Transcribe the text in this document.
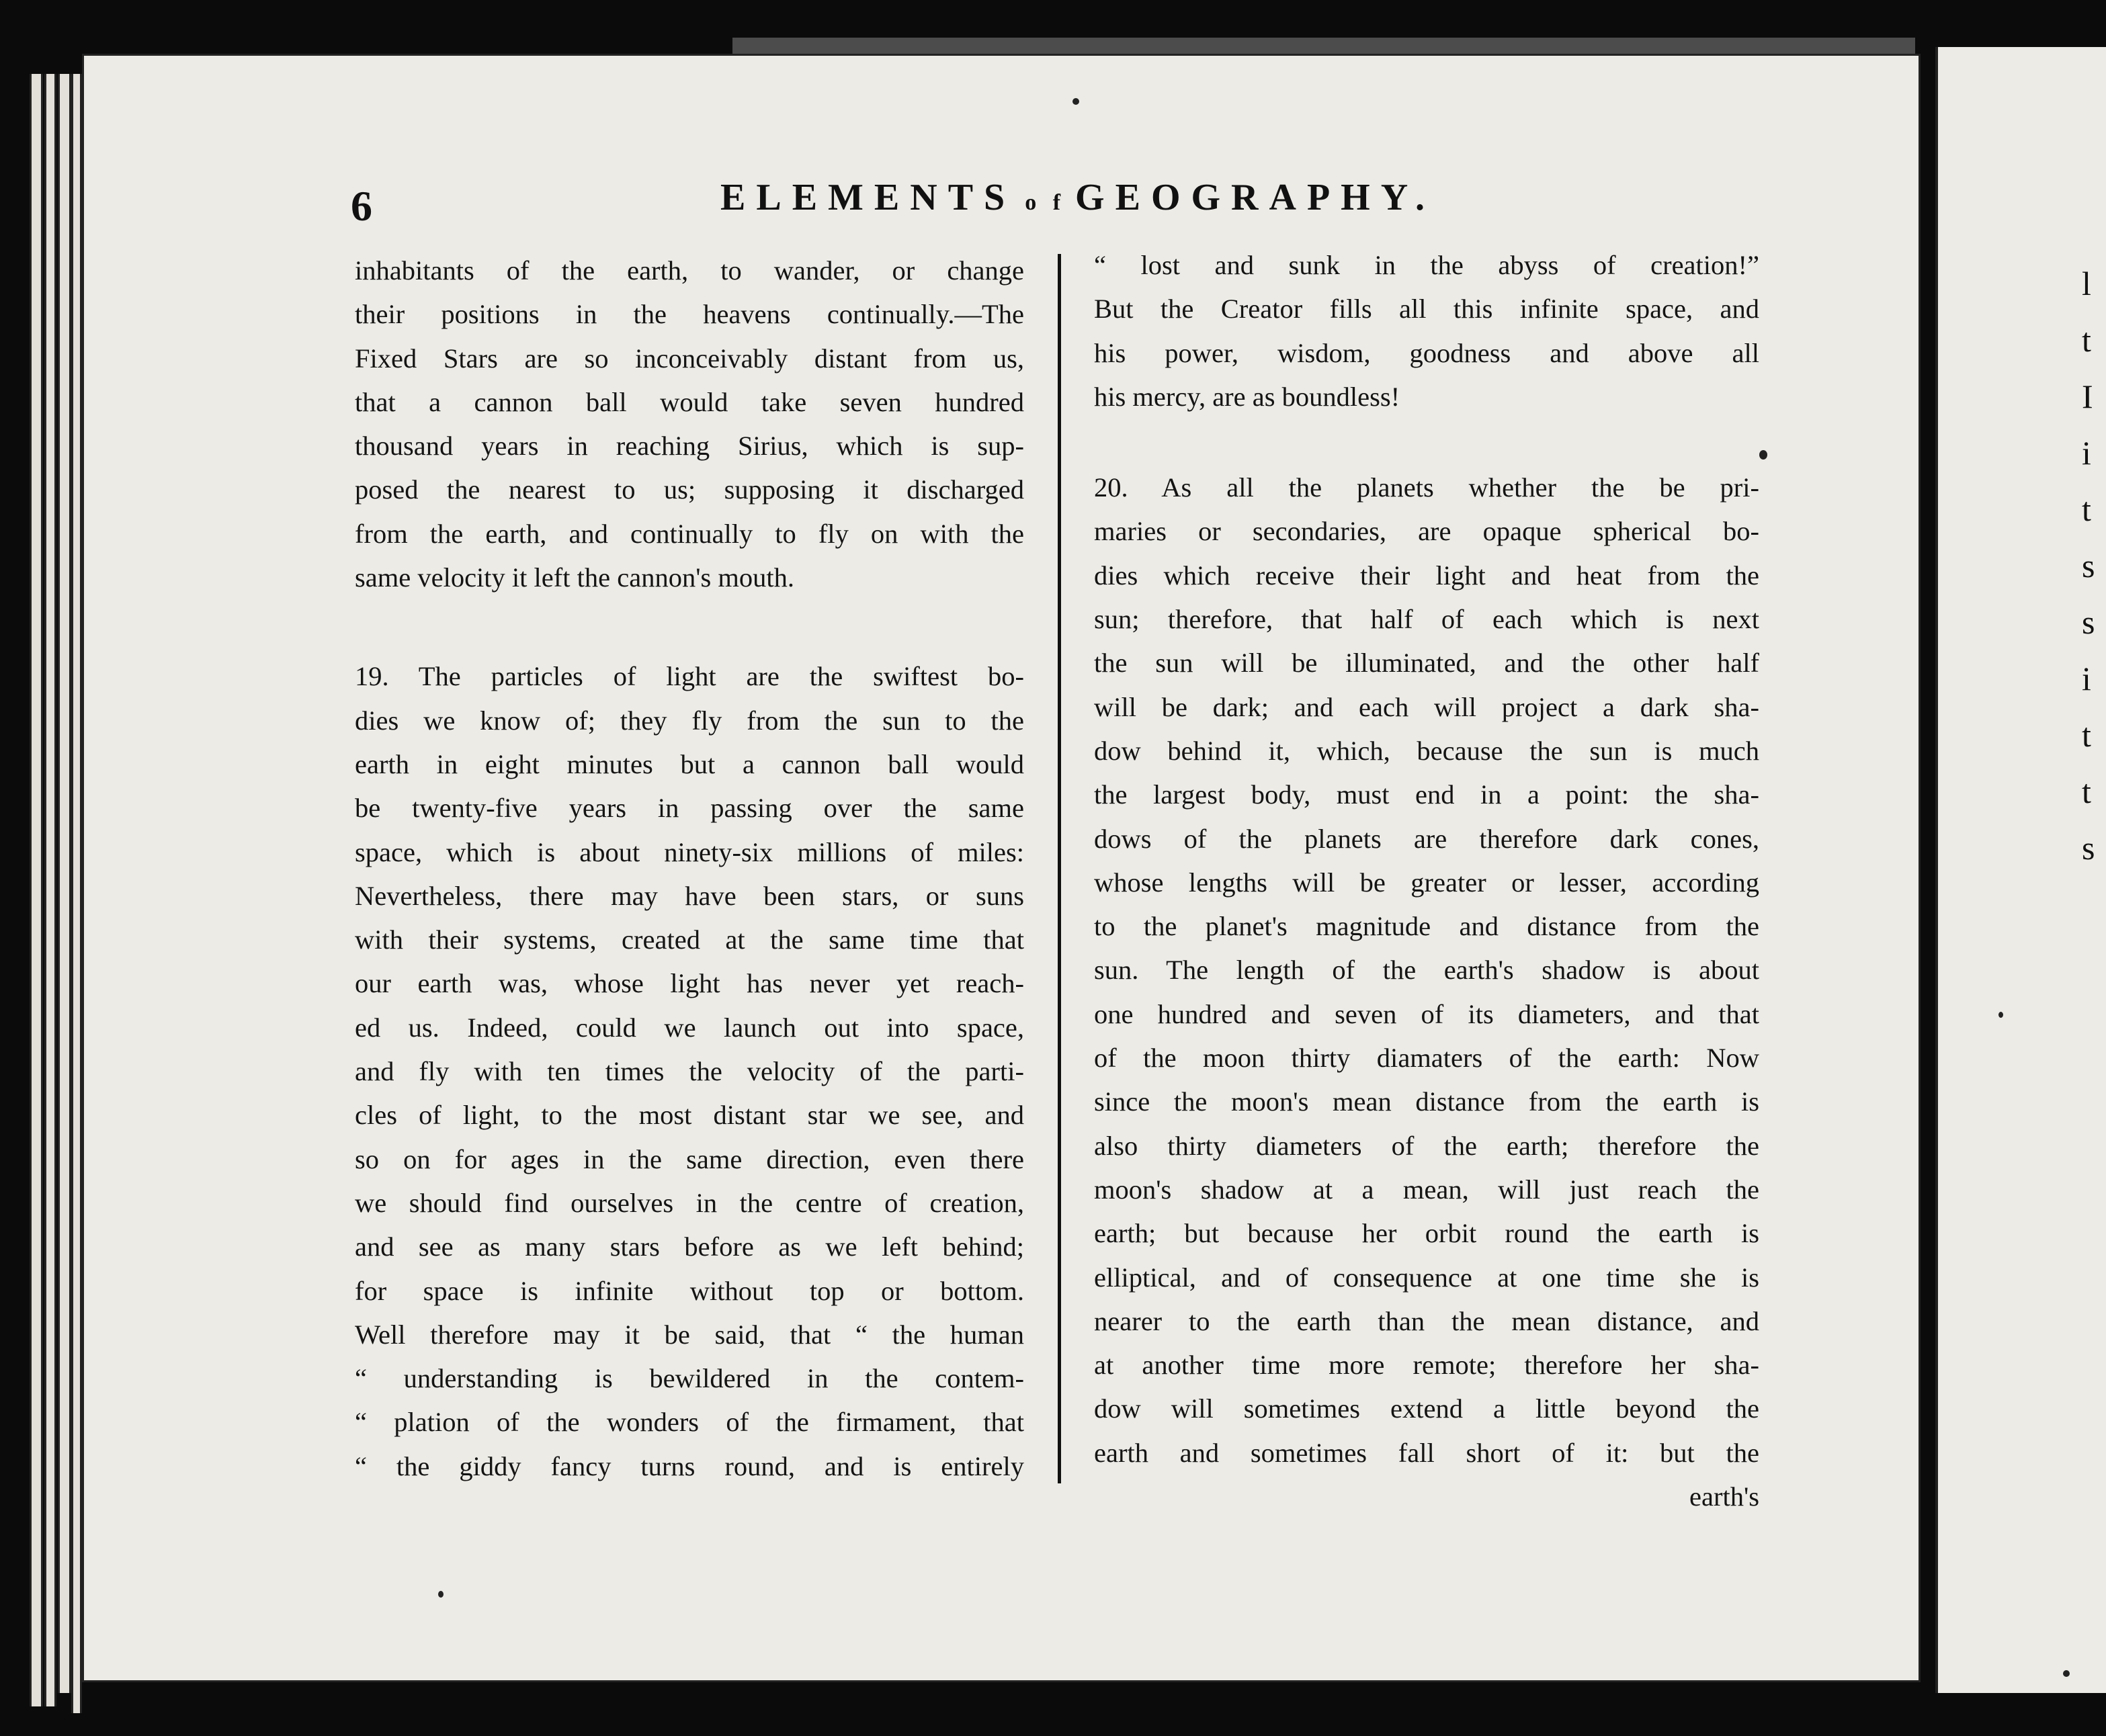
l
t
I
i
t
s
s
i
t
t
s
6	ELEMENTS o f GEOGRAPHY.
inhabitants of the earth, to wander, or change
their positions in the heavens continually.—The
Fixed Stars are so inconceivably distant from us,
that a cannon ball would take seven hundred
thousand years in reaching Sirius, which is sup-
posed the nearest to us; supposing it discharged
from the earth, and continually to fly on with the
same velocity it left the cannon's mouth.
19. The particles of light are the swiftest bo-
dies we know of; they fly from the sun to the
earth in eight minutes but a cannon ball would
be twenty-five years in passing over the same
space, which is about ninety-six millions of miles:
Nevertheless, there may have been stars, or suns
with their systems, created at the same time that
our earth was, whose light has never yet reach-
ed us. Indeed, could we launch out into space,
and fly with ten times the velocity of the parti-
cles of light, to the most distant star we see, and
so on for ages in the same direction, even there
we should find ourselves in the centre of creation,
and see as many stars before as we left behind;
for space is infinite without top or bottom.
Well therefore may it be said, that “ the human
“ understanding is bewildered in the contem-
“ plation of the wonders of the firmament, that
“ the giddy fancy turns round, and is entirely
“ lost and sunk in the abyss of creation!”
But the Creator fills all this infinite space, and
his power, wisdom, goodness and above all
his mercy, are as boundless!
20. As all the planets whether the be pri-
maries or secondaries, are opaque spherical bo-
dies which receive their light and heat from the
sun; therefore, that half of each which is next
the sun will be illuminated, and the other half
will be dark; and each will project a dark sha-
dow behind it, which, because the sun is much
the largest body, must end in a point: the sha-
dows of the planets are therefore dark cones,
whose lengths will be greater or lesser, according
to the planet's magnitude and distance from the
sun. The length of the earth's shadow is about
one hundred and seven of its diameters, and that
of the moon thirty diamaters of the earth: Now
since the moon's mean distance from the earth is
also thirty diameters of the earth; therefore the
moon's shadow at a mean, will just reach the
earth; but because her orbit round the earth is
elliptical, and of consequence at one time she is
nearer to the earth than the mean distance, and
at another time more remote; therefore her sha-
dow will sometimes extend a little beyond the
earth and sometimes fall short of it: but the
earth's
